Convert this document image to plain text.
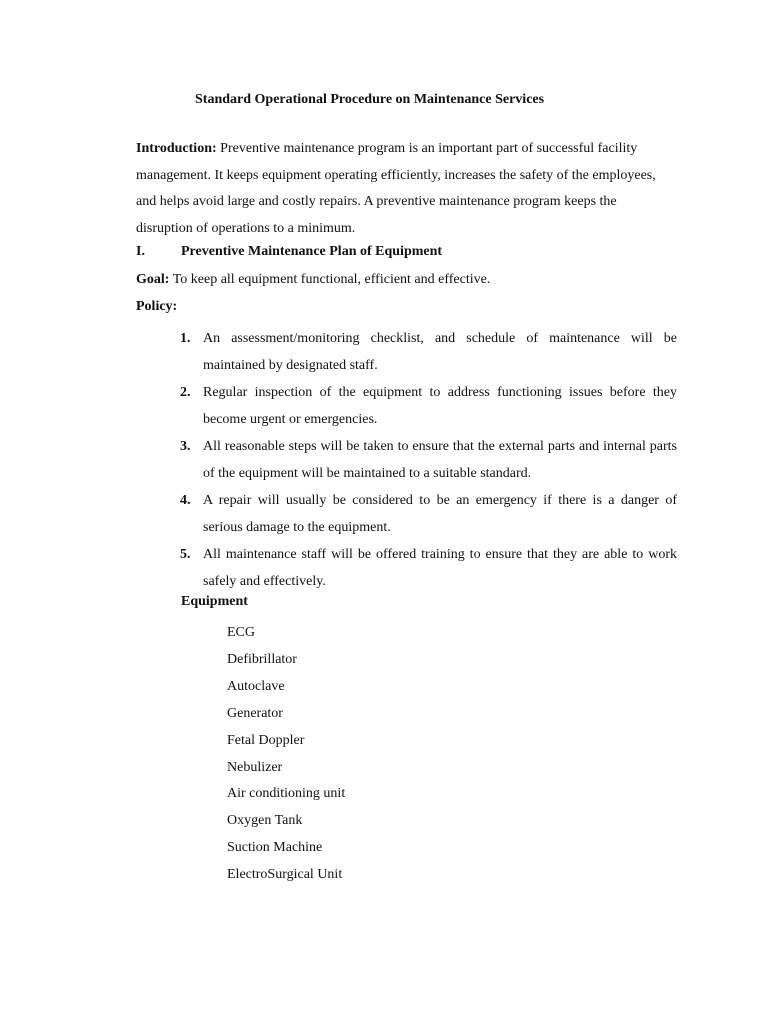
Standard Operational Procedure on Maintenance Services
Introduction: Preventive maintenance program is an important part of successful facility management. It keeps equipment operating efficiently, increases the safety of the employees, and helps avoid large and costly repairs. A preventive maintenance program keeps the disruption of operations to a minimum.
I.	Preventive Maintenance Plan of Equipment
Goal: To keep all equipment functional, efficient and effective.
Policy:
1. An assessment/monitoring checklist, and schedule of maintenance will be maintained by designated staff.
2. Regular inspection of the equipment to address functioning issues before they become urgent or emergencies.
3. All reasonable steps will be taken to ensure that the external parts and internal parts of the equipment will be maintained to a suitable standard.
4. A repair will usually be considered to be an emergency if there is a danger of serious damage to the equipment.
5. All maintenance staff will be offered training to ensure that they are able to work safely and effectively.
Equipment
ECG
Defibrillator
Autoclave
Generator
Fetal Doppler
Nebulizer
Air conditioning unit
Oxygen Tank
Suction Machine
ElectroSurgical Unit
